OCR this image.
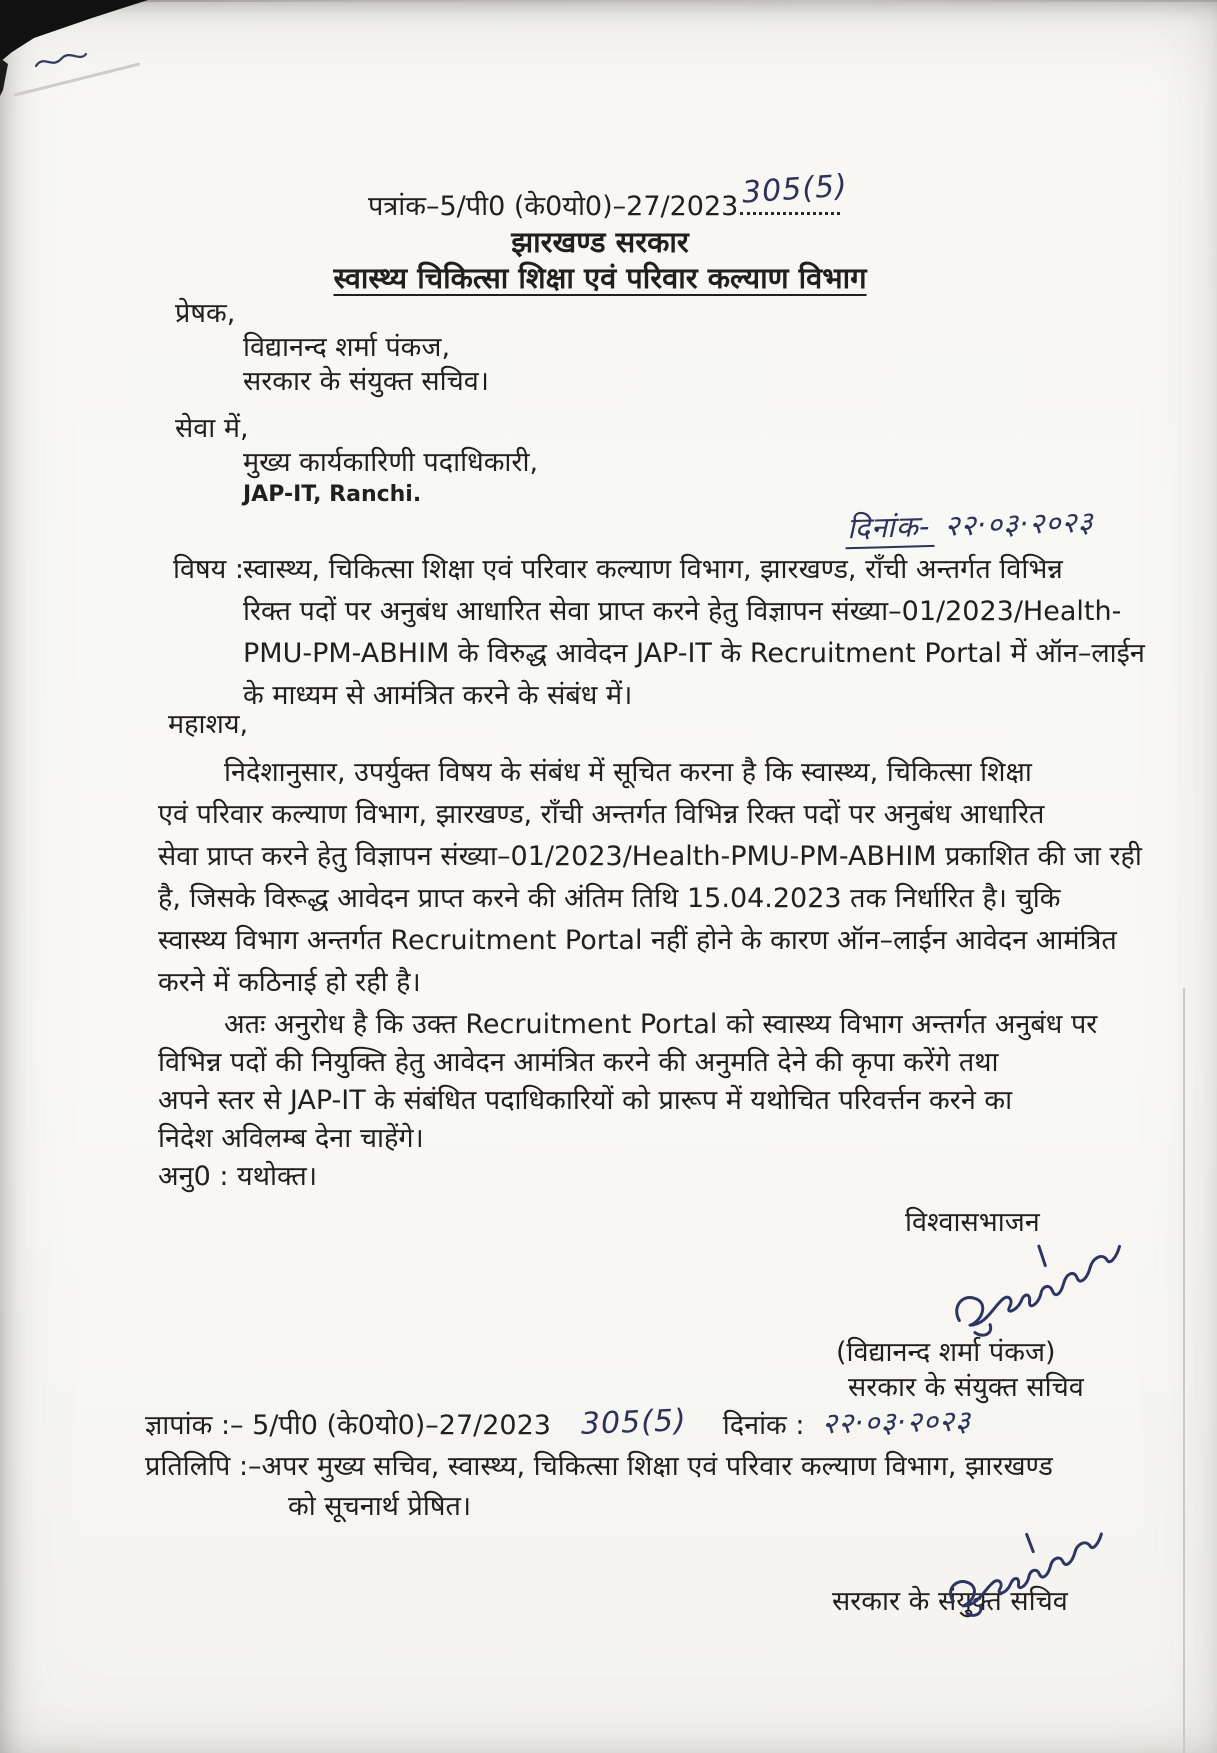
पत्रांक–5/पी0 (के0यो0)–27/2023 305(5)
झारखण्ड सरकार
स्वास्थ्य चिकित्सा शिक्षा एवं परिवार कल्याण विभाग
प्रेषक,
विद्यानन्द शर्मा पंकज,
सरकार के संयुक्त सचिव।
सेवा में,
मुख्य कार्यकारिणी पदाधिकारी,
JAP-IT, Ranchi.
दिनांक- २२·०३·२०२३
विषय : स्वास्थ्य, चिकित्सा शिक्षा एवं परिवार कल्याण विभाग, झारखण्ड, राँची अन्तर्गत विभिन्न
रिक्त पदों पर अनुबंध आधारित सेवा प्राप्त करने हेतु विज्ञापन संख्या–01/2023/Health-
PMU-PM-ABHIM के विरुद्ध आवेदन JAP-IT के Recruitment Portal में ऑन–लाईन
के माध्यम से आमंत्रित करने के संबंध में।
महाशय,
निदेशानुसार, उपर्युक्त विषय के संबंध में सूचित करना है कि स्वास्थ्य, चिकित्सा शिक्षा
एवं परिवार कल्याण विभाग, झारखण्ड, राँची अन्तर्गत विभिन्न रिक्त पदों पर अनुबंध आधारित
सेवा प्राप्त करने हेतु विज्ञापन संख्या–01/2023/Health-PMU-PM-ABHIM प्रकाशित की जा रही
है, जिसके विरूद्ध आवेदन प्राप्त करने की अंतिम तिथि 15.04.2023 तक निर्धारित है। चुकि
स्वास्थ्य विभाग अन्तर्गत Recruitment Portal नहीं होने के कारण ऑन–लाईन आवेदन आमंत्रित
करने में कठिनाई हो रही है।
अतः अनुरोध है कि उक्त Recruitment Portal को स्वास्थ्य विभाग अन्तर्गत अनुबंध पर
विभिन्न पदों की नियुक्ति हेतु आवेदन आमंत्रित करने की अनुमति देने की कृपा करेंगे तथा
अपने स्तर से JAP-IT के संबंधित पदाधिकारियों को प्रारूप में यथोचित परिवर्त्तन करने का
निदेश अविलम्ब देना चाहेंगे।
अनु0 : यथोक्त।
विश्वासभाजन
(विद्यानन्द शर्मा पंकज)
सरकार के संयुक्त सचिव
ज्ञापांक :– 5/पी0 (के0यो0)–27/2023 305(5) दिनांक : २२·०३·२०२३
प्रतिलिपि :–अपर मुख्य सचिव, स्वास्थ्य, चिकित्सा शिक्षा एवं परिवार कल्याण विभाग, झारखण्ड
को सूचनार्थ प्रेषित।
सरकार के संयुक्त सचिव
